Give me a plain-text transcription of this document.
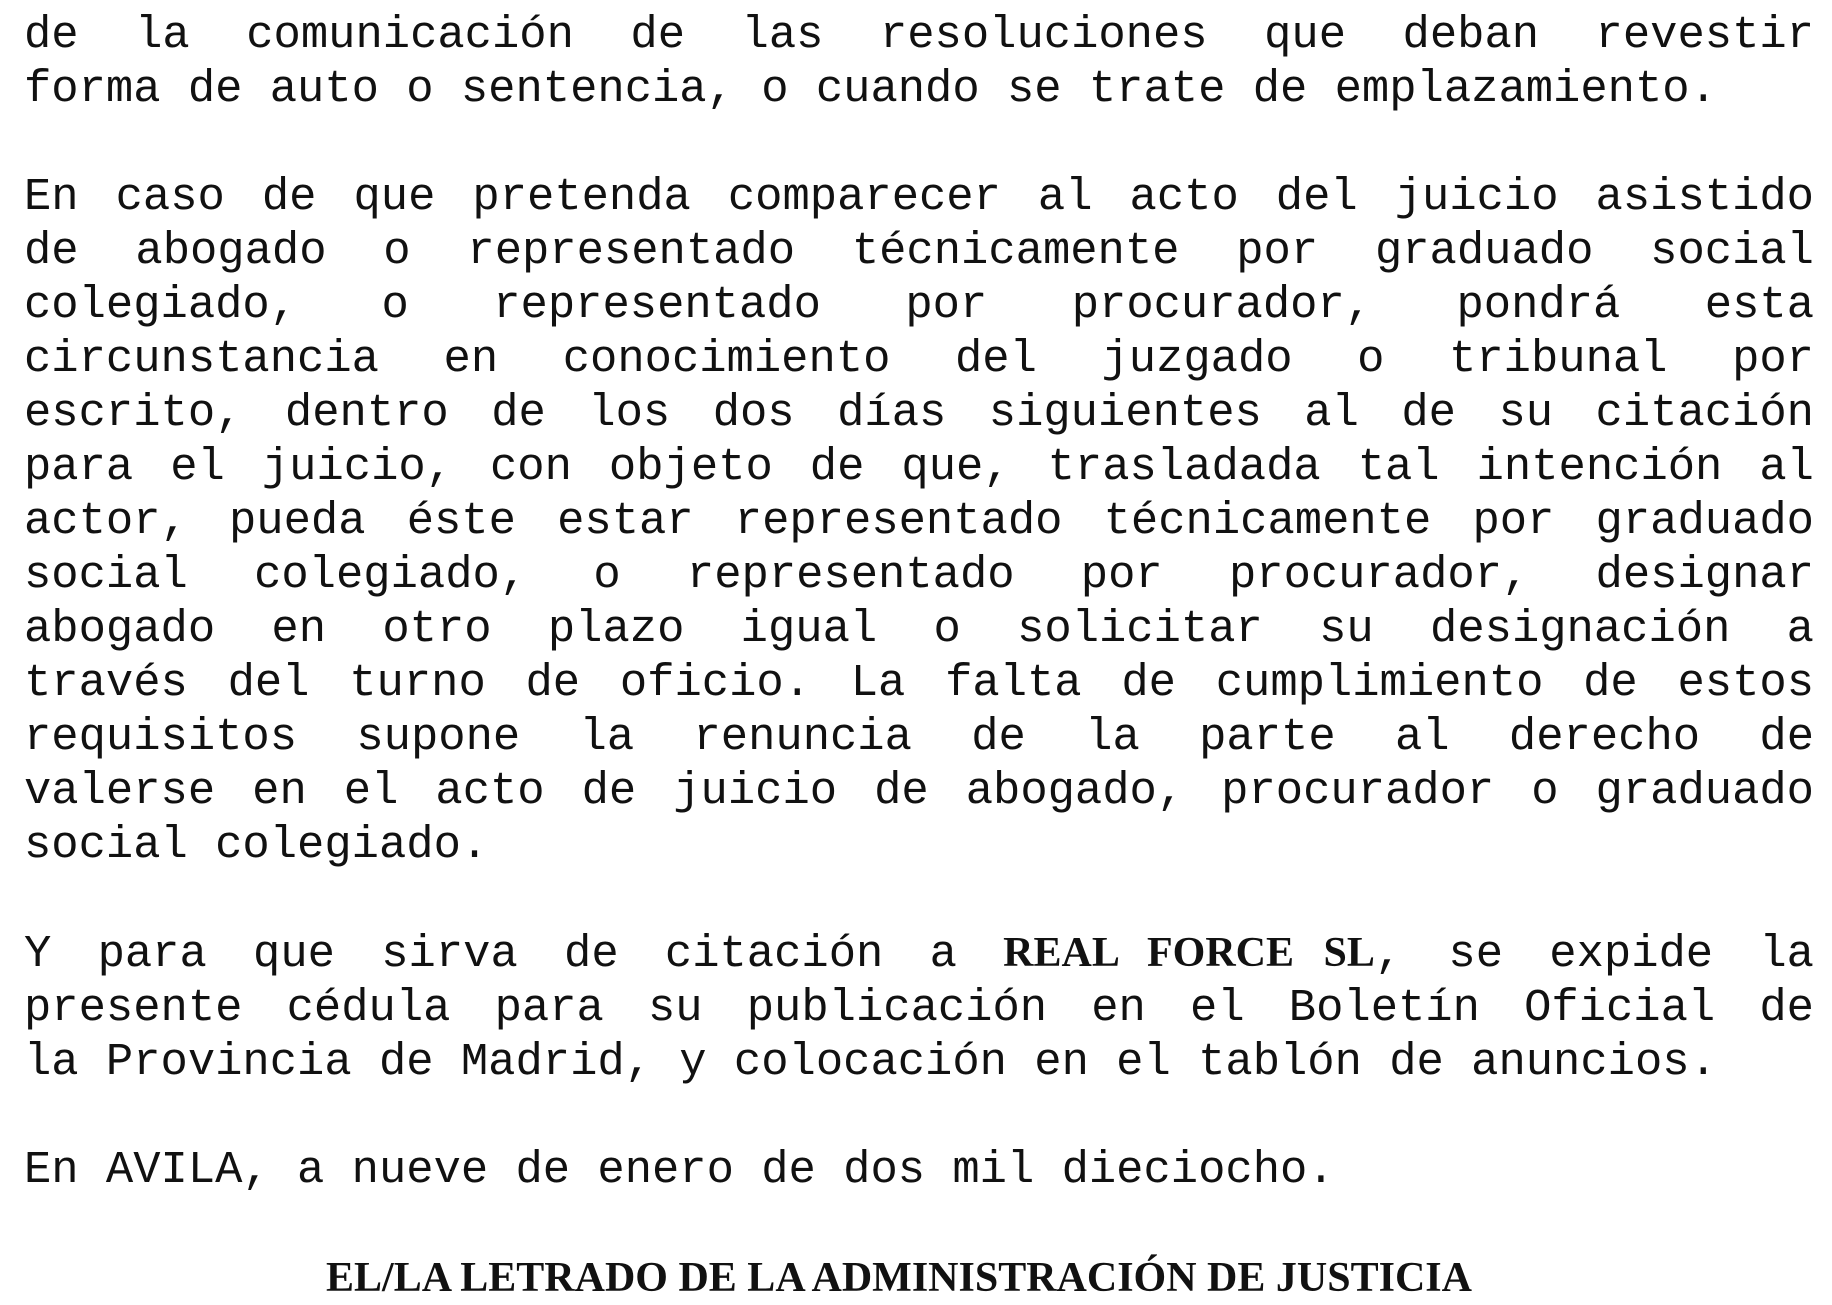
de la comunicación de las resoluciones que deban revestir
forma de auto o sentencia, o cuando se trate de emplazamiento.
En caso de que pretenda comparecer al acto del juicio asistido
de abogado o representado técnicamente por graduado social
colegiado, o representado por procurador, pondrá esta
circunstancia en conocimiento del juzgado o tribunal por
escrito, dentro de los dos días siguientes al de su citación
para el juicio, con objeto de que, trasladada tal intención al
actor, pueda éste estar representado técnicamente por graduado
social colegiado, o representado por procurador, designar
abogado en otro plazo igual o solicitar su designación a
través del turno de oficio. La falta de cumplimiento de estos
requisitos supone la renuncia de la parte al derecho de
valerse en el acto de juicio de abogado, procurador o graduado
social colegiado.
Y para que sirva de citación a REAL FORCE SL, se expide la
presente cédula para su publicación en el Boletín Oficial de
la Provincia de Madrid, y colocación en el tablón de anuncios.
En AVILA, a nueve de enero de dos mil dieciocho.

EL/LA LETRADO DE LA ADMINISTRACIÓN DE JUSTICIA
